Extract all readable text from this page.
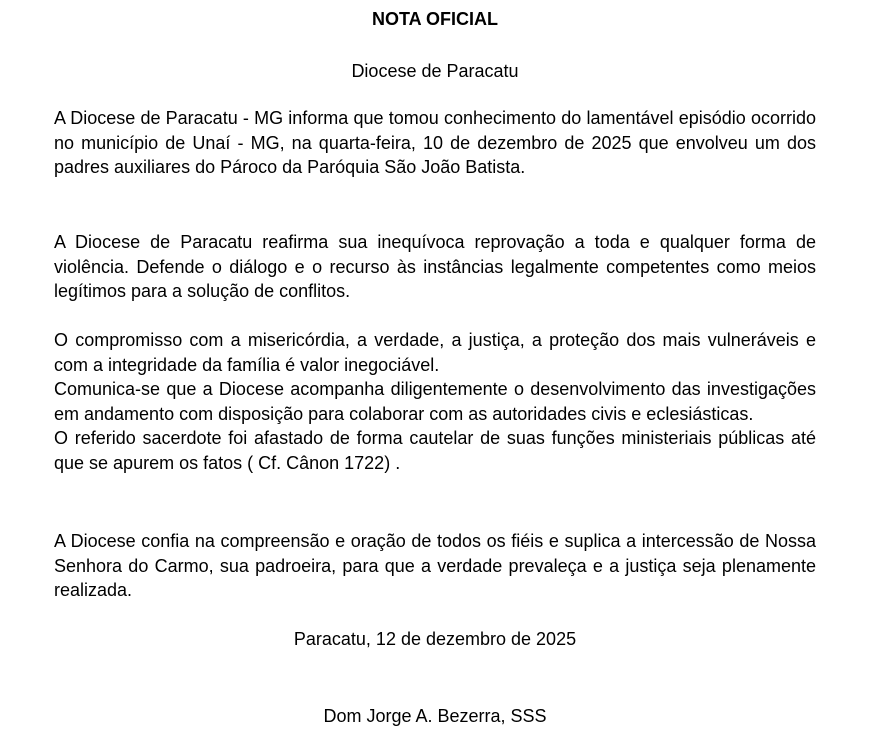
NOTA OFICIAL
Diocese de Paracatu
A Diocese de Paracatu - MG informa que tomou conhecimento do lamentável episódio ocorrido no município de Unaí - MG, na quarta-feira, 10 de dezembro de 2025 que envolveu um dos padres auxiliares do Pároco da Paróquia São João Batista.
A Diocese de Paracatu reafirma sua inequívoca reprovação a toda e qualquer forma de violência. Defende o diálogo e o recurso às instâncias legalmente competentes como meios legítimos para a solução de conflitos.

O compromisso com a misericórdia, a verdade, a justiça, a proteção dos mais vulneráveis e com a integridade da família é valor inegociável.

Comunica-se que a Diocese acompanha diligentemente o desenvolvimento das investigações em andamento com disposição para colaborar com as autoridades civis e eclesiásticas.

O referido sacerdote foi afastado de forma cautelar de suas funções ministeriais públicas até que se apurem os fatos ( Cf. Cânon 1722) .

A Diocese confia na compreensão e oração de todos os fiéis e suplica a intercessão de Nossa Senhora do Carmo, sua padroeira, para que a verdade prevaleça e a justiça seja plenamente realizada.
Paracatu, 12 de dezembro de 2025
Dom Jorge A. Bezerra, SSS
